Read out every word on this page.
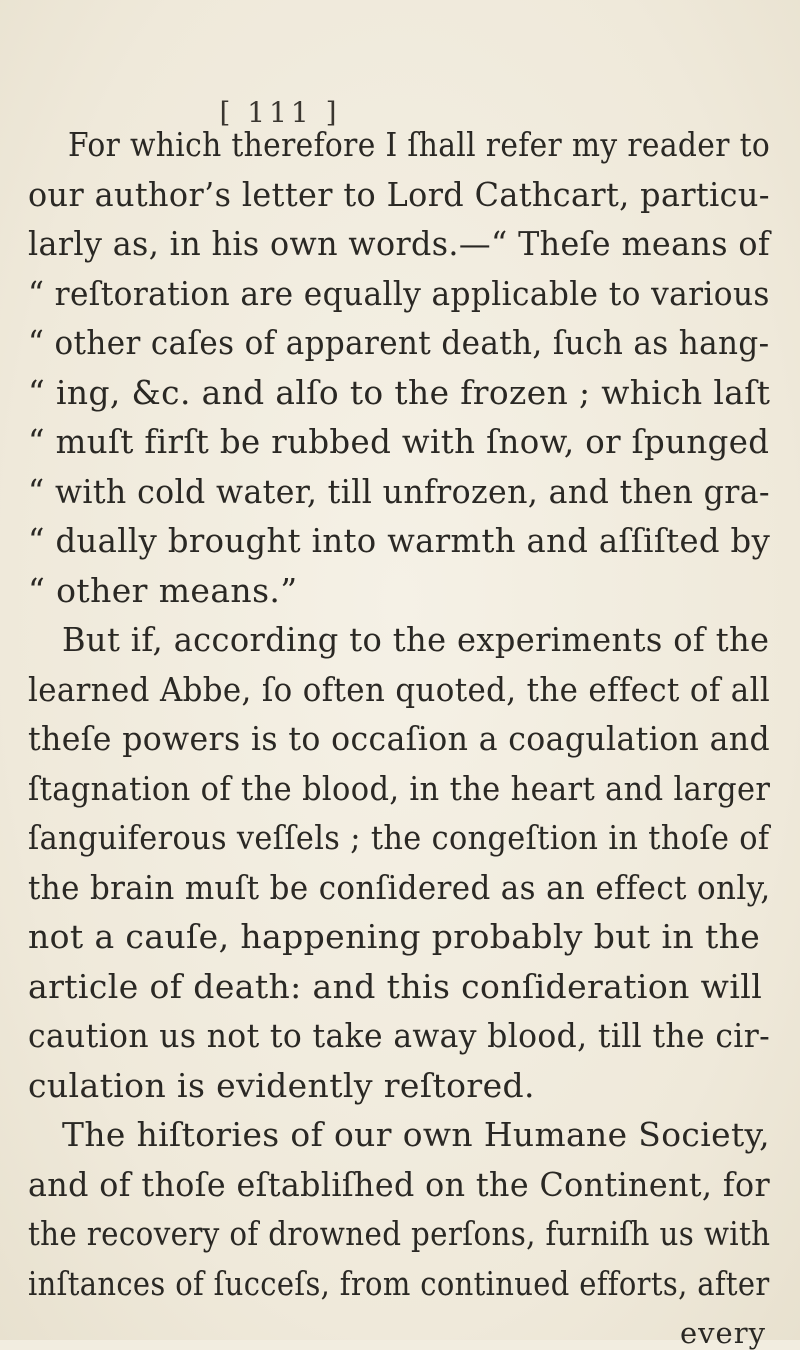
[ 111 ]
For which therefore I ſhall refer my reader to
our author’s letter to Lord Cathcart, particu-
larly as, in his own words.—“ Theſe means of
“ reſtoration are equally applicable to various
“ other caſes of apparent death, ſuch as hang-
“ ing, &c. and alſo to the frozen ; which laſt
“ muſt firſt be rubbed with ſnow, or ſpunged
“ with cold water, till unfrozen, and then gra-
“ dually brought into warmth and aſſiſted by
“ other means.”
But if, according to the experiments of the
learned Abbe, ſo often quoted, the effect of all
theſe powers is to occaſion a coagulation and
ſtagnation of the blood, in the heart and larger
ſanguiferous veſſels ; the congeſtion in thoſe of
the brain muſt be conſidered as an effect only,
not a cauſe, happening probably but in the
article of death: and this conſideration will
caution us not to take away blood, till the cir-
culation is evidently reſtored.
The hiſtories of our own Humane Society,
and of thoſe eſtabliſhed on the Continent, for
the recovery of drowned perſons, furniſh us with
inſtances of ſucceſs, from continued efforts, after
every
